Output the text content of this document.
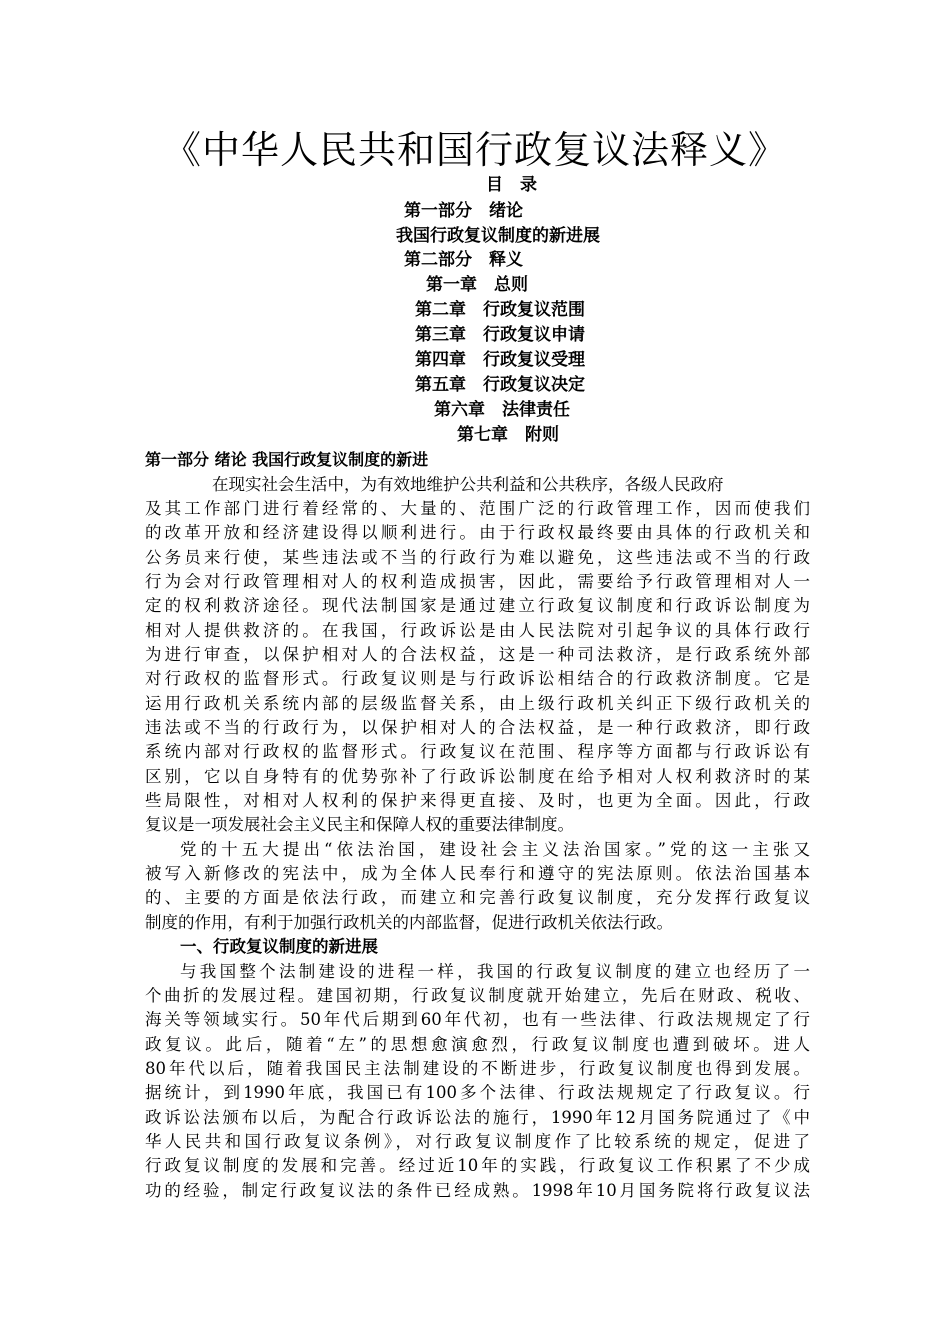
《中华人民共和国行政复议法释义》
目　录
第一部分　绪论
我国行政复议制度的新进展
第二部分　释义
第一章　总则
第二章　行政复议范围
第三章　行政复议申请
第四章　行政复议受理
第五章　行政复议决定
第六章　法律责任
第七章　附则
第一部分 绪论 我国行政复议制度的新进
在现实社会生活中，为有效地维护公共利益和公共秩序，各级人民政府
及其工作部门进行着经常的、大量的、范围广泛的行政管理工作，因而使我们
的改革开放和经济建设得以顺利进行。由于行政权最终要由具体的行政机关和
公务员来行使，某些违法或不当的行政行为难以避免，这些违法或不当的行政
行为会对行政管理相对人的权利造成损害，因此，需要给予行政管理相对人一
定的权利救济途径。现代法制国家是通过建立行政复议制度和行政诉讼制度为
相对人提供救济的。在我国，行政诉讼是由人民法院对引起争议的具体行政行
为进行审查，以保护相对人的合法权益，这是一种司法救济，是行政系统外部
对行政权的监督形式。行政复议则是与行政诉讼相结合的行政救济制度。它是
运用行政机关系统内部的层级监督关系，由上级行政机关纠正下级行政机关的
违法或不当的行政行为，以保护相对人的合法权益，是一种行政救济，即行政
系统内部对行政权的监督形式。行政复议在范围、程序等方面都与行政诉讼有
区别，它以自身特有的优势弥补了行政诉讼制度在给予相对人权利救济时的某
些局限性，对相对人权利的保护来得更直接、及时，也更为全面。因此，行政
复议是一项发展社会主义民主和保障人权的重要法律制度。
党的十五大提出“依法治国，建设社会主义法治国家。”党的这一主张又
被写入新修改的宪法中，成为全体人民奉行和遵守的宪法原则。依法治国基本
的、主要的方面是依法行政，而建立和完善行政复议制度，充分发挥行政复议
制度的作用，有利于加强行政机关的内部监督，促进行政机关依法行政。
一、行政复议制度的新进展
与我国整个法制建设的进程一样，我国的行政复议制度的建立也经历了一
个曲折的发展过程。建国初期，行政复议制度就开始建立，先后在财政、税收、
海关等领域实行。50年代后期到60年代初，也有一些法律、行政法规规定了行
政复议。此后，随着“左”的思想愈演愈烈，行政复议制度也遭到破坏。进人
80年代以后，随着我国民主法制建设的不断进步，行政复议制度也得到发展。
据统计，到1990年底，我国已有100多个法律、行政法规规定了行政复议。行
政诉讼法颁布以后，为配合行政诉讼法的施行，1990年12月国务院通过了《中
华人民共和国行政复议条例》，对行政复议制度作了比较系统的规定，促进了
行政复议制度的发展和完善。经过近10年的实践，行政复议工作积累了不少成
功的经验，制定行政复议法的条件已经成熟。1998年10月国务院将行政复议法
